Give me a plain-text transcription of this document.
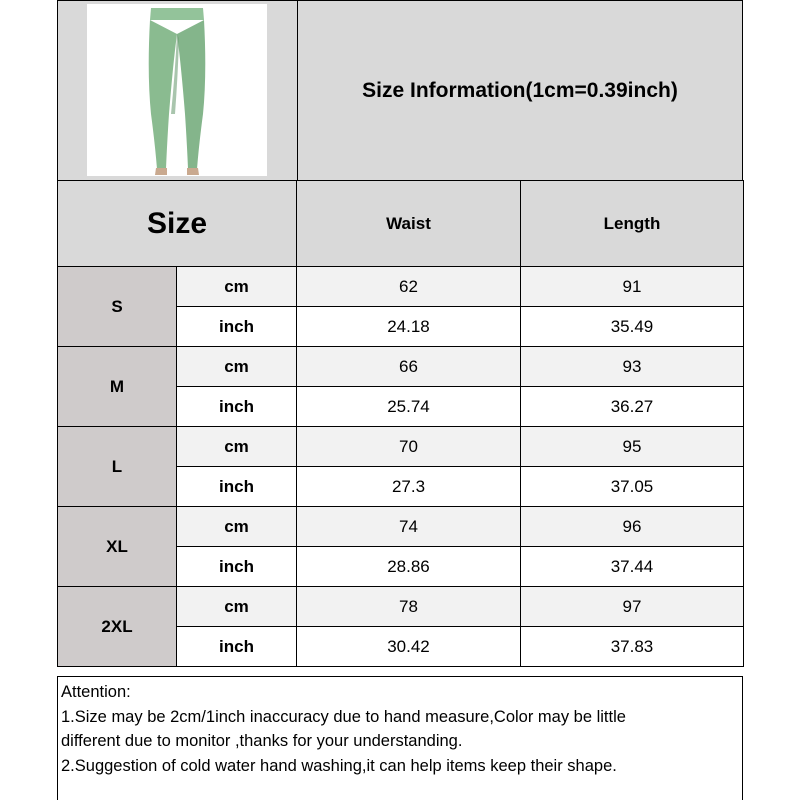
Size Information(1cm=0.39inch)
Size		Waist	Length
S	cm	62	91
	inch	24.18	35.49
M	cm	66	93
	inch	25.74	36.27
L	cm	70	95
	inch	27.3	37.05
XL	cm	74	96
	inch	28.86	37.44
2XL	cm	78	97
	inch	30.42	37.83

Attention:

1.Size may be 2cm/1inch inaccuracy due to hand measure,Color may be little

different due to monitor ,thanks for your understanding.

2.Suggestion of cold water hand washing,it can help items keep their shape.
